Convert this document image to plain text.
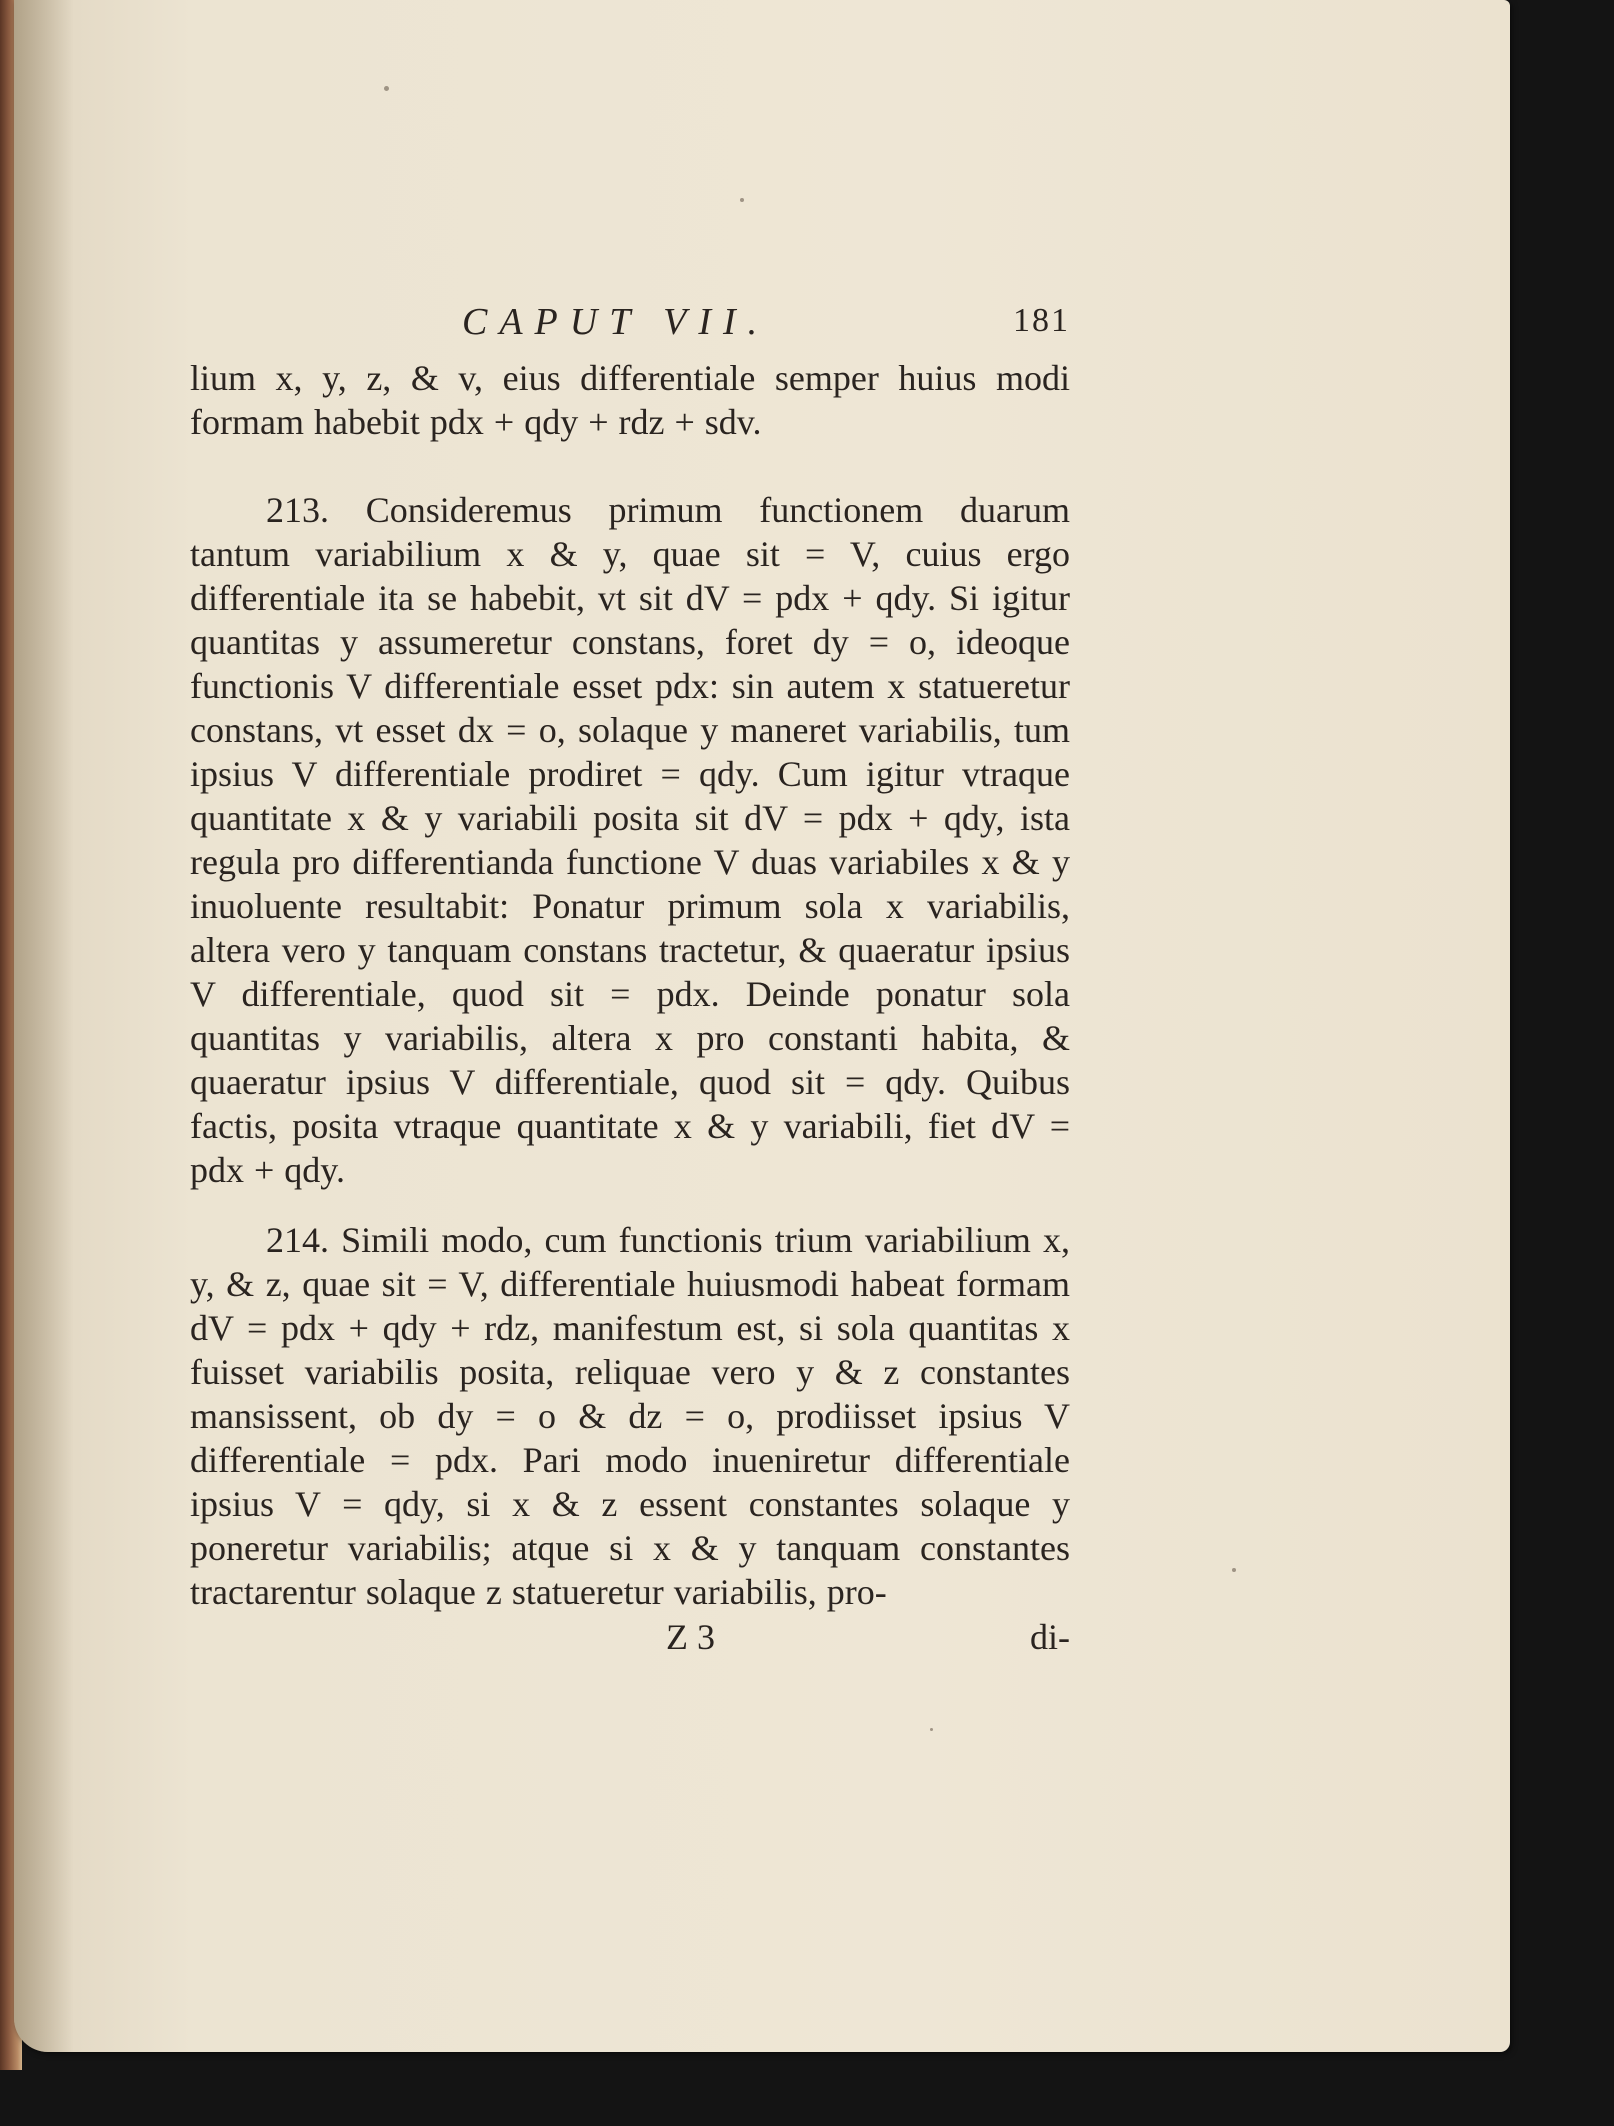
CAPUT VII.	181

lium x, y, z, & v, eius differentiale semper huius modi formam habebit pdx + qdy + rdz + sdv.

213. Consideremus primum functionem duarum tantum variabilium x & y, quae sit = V, cuius ergo differentiale ita se habebit, vt sit dV = pdx + qdy. Si igitur quantitas y assumeretur constans, foret dy = o, ideoque functionis V differentiale esset pdx: sin autem x statueretur constans, vt esset dx = o, solaque y maneret variabilis, tum ipsius V differentiale prodiret = qdy. Cum igitur vtraque quantitate x & y variabili posita sit dV = pdx + qdy, ista regula pro differentianda functione V duas variabiles x & y inuoluente resultabit: Ponatur primum sola x variabilis, altera vero y tanquam constans tractetur, & quaeratur ipsius V differentiale, quod sit = pdx. Deinde ponatur sola quantitas y variabilis, altera x pro constanti habita, & quaeratur ipsius V differentiale, quod sit = qdy. Quibus factis, posita vtraque quantitate x & y variabili, fiet dV = pdx + qdy.

214. Simili modo, cum functionis trium variabilium x, y, & z, quae sit = V, differentiale huiusmodi habeat formam dV = pdx + qdy + rdz, manifestum est, si sola quantitas x fuisset variabilis posita, reliquae vero y & z constantes mansissent, ob dy = o & dz = o, prodiisset ipsius V differentiale = pdx. Pari modo inueniretur differentiale ipsius V = qdy, si x & z essent constantes solaque y poneretur variabilis; atque si x & y tanquam constantes tractarentur solaque z statueretur variabilis, pro-

Z 3	di-
